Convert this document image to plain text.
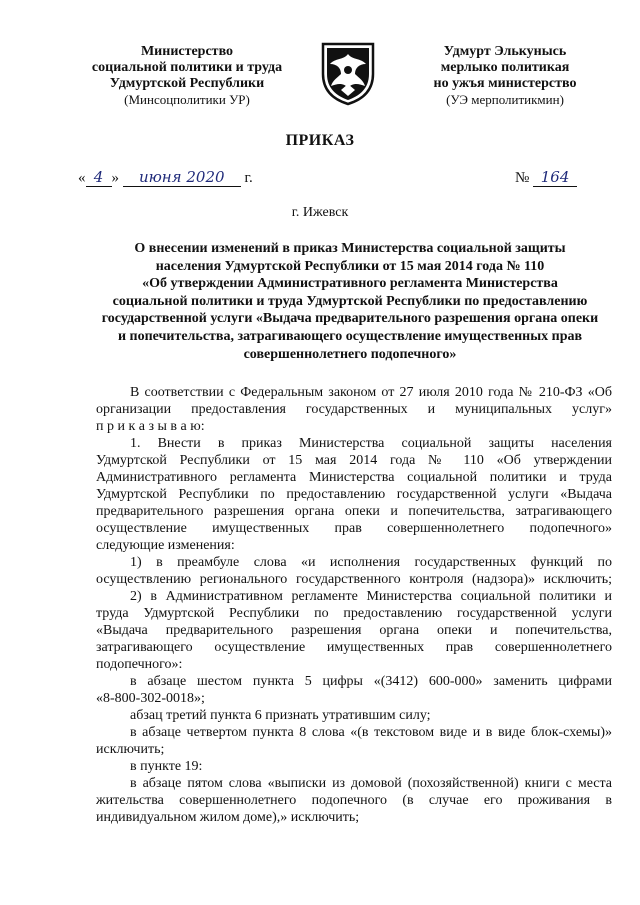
Министерство
социальной политики и труда
Удмуртской Республики
(Минсоцполитики УР)
Удмурт Элькунысь
мерлыко политикая
но ужъя министерство
(УЭ мерполитикмин)
ПРИКАЗ
« 4 » июня 2020 г.	№ 164
г. Ижевск
О внесении изменений в приказ Министерства социальной защиты
населения Удмуртской Республики от 15 мая 2014 года № 110
«Об утверждении Административного регламента Министерства
социальной политики и труда Удмуртской Республики по предоставлению
государственной услуги «Выдача предварительного разрешения органа опеки
и попечительства, затрагивающего осуществление имущественных прав
совершеннолетнего подопечного»
В соответствии с Федеральным законом от 27 июля 2010 года № 210-ФЗ «Об
организации предоставления государственных и муниципальных услуг»
п р и к а з ы в а ю:
1. Внести в приказ Министерства социальной защиты населения
Удмуртской Республики от 15 мая 2014 года № 110 «Об утверждении
Административного регламента Министерства социальной политики и труда
Удмуртской Республики по предоставлению государственной услуги «Выдача
предварительного разрешения органа опеки и попечительства, затрагивающего
осуществление имущественных прав совершеннолетнего подопечного»
следующие изменения:
1) в преамбуле слова «и исполнения государственных функций по
осуществлению регионального государственного контроля (надзора)» исключить;
2) в Административном регламенте Министерства социальной политики и
труда Удмуртской Республики по предоставлению государственной услуги
«Выдача предварительного разрешения органа опеки и попечительства,
затрагивающего осуществление имущественных прав совершеннолетнего
подопечного»:
в абзаце шестом пункта 5 цифры «(3412) 600-000» заменить цифрами
«8-800-302-0018»;
абзац третий пункта 6 признать утратившим силу;
в абзаце четвертом пункта 8 слова «(в текстовом виде и в виде блок-схемы)»
исключить;
в пункте 19:
в абзаце пятом слова «выписки из домовой (похозяйственной) книги с места
жительства совершеннолетнего подопечного (в случае его проживания в
индивидуальном жилом доме),» исключить;
